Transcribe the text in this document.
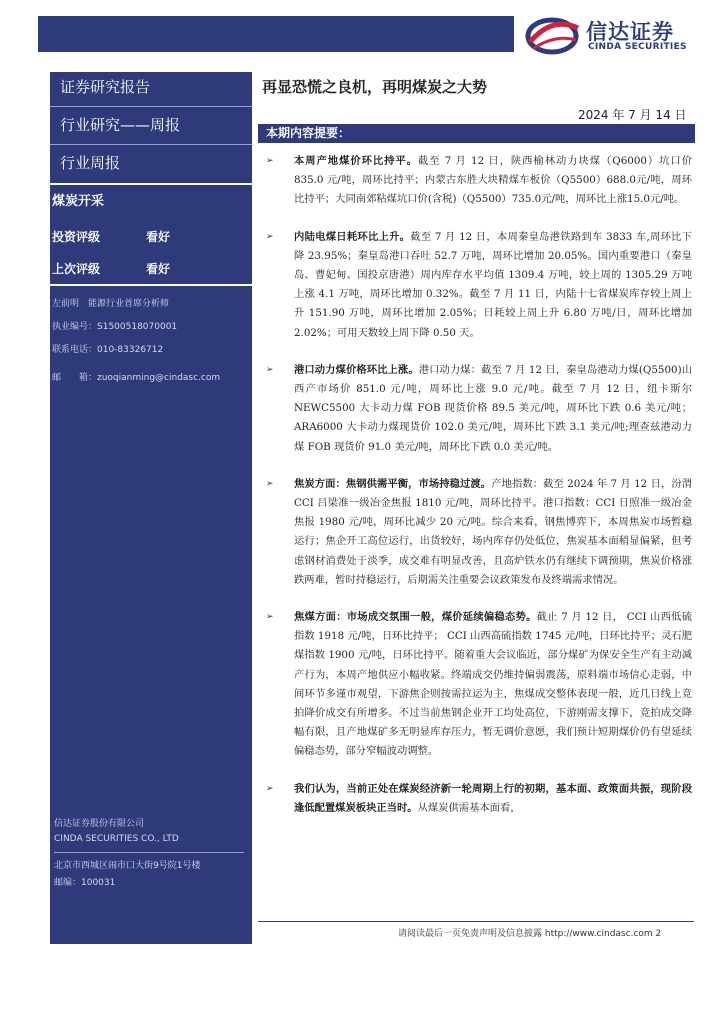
信达证券
CINDA SECURITIES
证券研究报告
行业研究——周报
行业周报
煤炭开采
投资评级	看好
上次评级	看好
左前明　能源行业首席分析师
执业编号：S1500518070001
联系电话：010-83326712
邮　　箱：zuoqianming@cindasc.com
信达证券股份有限公司
CINDA SECURITIES CO., LTD
北京市西城区闹市口大街9号院1号楼
邮编：100031
再显恐慌之良机，再明煤炭之大势
2024 年 7 月 14 日
本期内容提要：
➢ 本周产地煤价环比持平。截至 7 月 12 日，陕西榆林动力块煤（Q6000）坑口价 835.0 元/吨，周环比持平；内蒙古东胜大块精煤车板价（Q5500）688.0元/吨，周环比持平；大同南郊粘煤坑口价(含税)（Q5500）735.0元/吨，周环比上涨15.0元/吨。
➢ 内陆电煤日耗环比上升。截至 7 月 12 日，本周秦皇岛港铁路到车 3833 车,周环比下降 23.95%；秦皇岛港口吞吐 52.7 万吨，周环比增加 20.05%。国内重要港口（秦皇岛、曹妃甸、国投京唐港）周内库存水平均值 1309.4 万吨，较上周的 1305.29 万吨上涨 4.1 万吨，周环比增加 0.32%。截至 7 月 11 日，内陆十七省煤炭库存较上周上升 151.90 万吨，周环比增加 2.05%；日耗较上周上升 6.80 万吨/日，周环比增加 2.02%；可用天数较上周下降 0.50 天。
➢ 港口动力煤价格环比上涨。港口动力煤：截至 7 月 12 日，秦皇岛港动力煤(Q5500)山西产市场价 851.0 元/吨，周环比上涨 9.0 元/吨。截至 7 月 12 日，纽卡斯尔 NEWC5500 大卡动力煤 FOB 现货价格 89.5 美元/吨，周环比下跌 0.6 美元/吨；ARA6000 大卡动力煤现货价 102.0 美元/吨，周环比下跌 3.1 美元/吨;理查兹港动力煤 FOB 现货价 91.0 美元/吨，周环比下跌 0.0 美元/吨。
➢ 焦炭方面：焦钢供需平衡，市场持稳过渡。产地指数：截至 2024 年 7 月 12 日，汾渭 CCI 吕梁准一级冶金焦报 1810 元/吨，周环比持平。港口指数：CCI 日照准一级冶金焦报 1980 元/吨，周环比减少 20 元/吨。综合来看，钢焦博弈下，本周焦炭市场暂稳运行；焦企开工高位运行，出货较好，场内库存仍处低位，焦炭基本面稍显偏紧，但考虑钢材消费处于淡季，成交难有明显改善，且高炉铁水仍有继续下调预期，焦炭价格涨跌两难，暂时持稳运行，后期需关注重要会议政策发布及终端需求情况。
➢ 焦煤方面：市场成交氛围一般，煤价延续偏稳态势。截止 7 月 12 日， CCI 山西低硫指数 1918 元/吨，日环比持平； CCI 山西高硫指数 1745 元/吨，日环比持平；灵石肥煤指数 1900 元/吨，日环比持平。随着重大会议临近，部分煤矿为保安全生产有主动减产行为，本周产地供应小幅收紧。终端成交仍维持偏弱震荡，原料端市场信心走弱，中间环节多谨市观望，下游焦企则按需拉运为主，焦煤成交整体表现一般，近几日线上竞拍降价成交有所增多。不过当前焦钢企业开工均处高位，下游刚需支撑下，竞拍成交降幅有限，且产地煤矿多无明显库存压力，暂无调价意愿，我们预计短期煤价仍有望延续偏稳态势，部分窄幅波动调整。
➢ 我们认为，当前正处在煤炭经济新一轮周期上行的初期，基本面、政策面共振，现阶段逢低配置煤炭板块正当时。从煤炭供需基本面看，
请阅读最后一页免责声明及信息披露 http://www.cindasc.com 2
